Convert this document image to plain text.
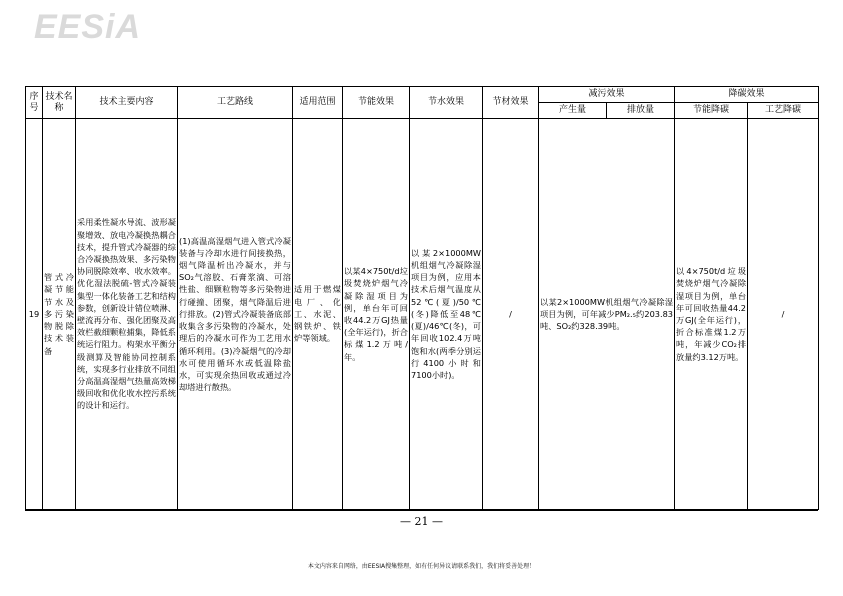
EESiA
序号	技术名称	技术主要内容	工艺路线	适用范围	节能效果	节水效果	节材效果	减污效果		降碳效果	
								产生量	排放量	节能降碳	工艺降碳
19	管式冷凝节能节水及多污染物脱除技术装备	采用柔性凝水导流、波形凝聚增效、放电冷凝换热耦合技术，提升管式冷凝器的综合冷凝换热效果、多污染物协同脱除效率、收水效率。优化湿法脱硫-管式冷凝装集型一体化装备工艺和结构参数，创新设计错位喷淋、壁流再分布、强化团聚及高效栏截细颗粒捕集，降低系统运行阻力。构架水平衡分级测算及智能协同控制系统，实现多行业排放不同组分高温高湿烟气热量高效梯级回收和优化收水控污系统的设计和运行。	(1)高温高湿烟气进入管式冷凝装备与冷却水进行间接换热，烟气降温析出冷凝水，并与SO₂气溶胶、石膏浆滴、可溶性盐、细颗粒物等多污染物进行碰撞、团聚，烟气降温后进行排放。(2)管式冷凝装备底部收集含多污染物的冷凝水，处理后的冷凝水可作为工艺用水循环利用。(3)冷凝烟气的冷却水可使用循环水或低温除盐水，可实现余热回收或通过冷却塔进行散热。	适用于燃煤电厂、化工、水泥、钢铁炉、铁炉等领域。	以某4×750t/d垃圾焚烧炉烟气冷凝除湿项目为例，单台年可回收44.2万GJ热量(全年运行)，折合标煤1.2万吨/年。	以某2×1000MW机组烟气冷凝除湿项目为例，应用本技术后烟气温度从52℃(夏)/50℃(冬)降低至48℃(夏)/46℃(冬)，可年回收102.4万吨饱和水(两季分别运行4100小时和7100小时)。	/	以某2×1000MW机组烟气冷凝除湿项目为例，可年减少PM₂.₅约203.83吨、SO₂约328.39吨。		以4×750t/d垃圾焚烧炉烟气冷凝除湿项目为例，单台年可回收热量44.2万GJ(全年运行)，折合标准煤1.2万吨，年减少CO₂排放量约3.12万吨。	/
— 21 —
本文内容来自网络，由EESIA搜集整理，如有任何异议请联系我们，我们将妥善处理！
